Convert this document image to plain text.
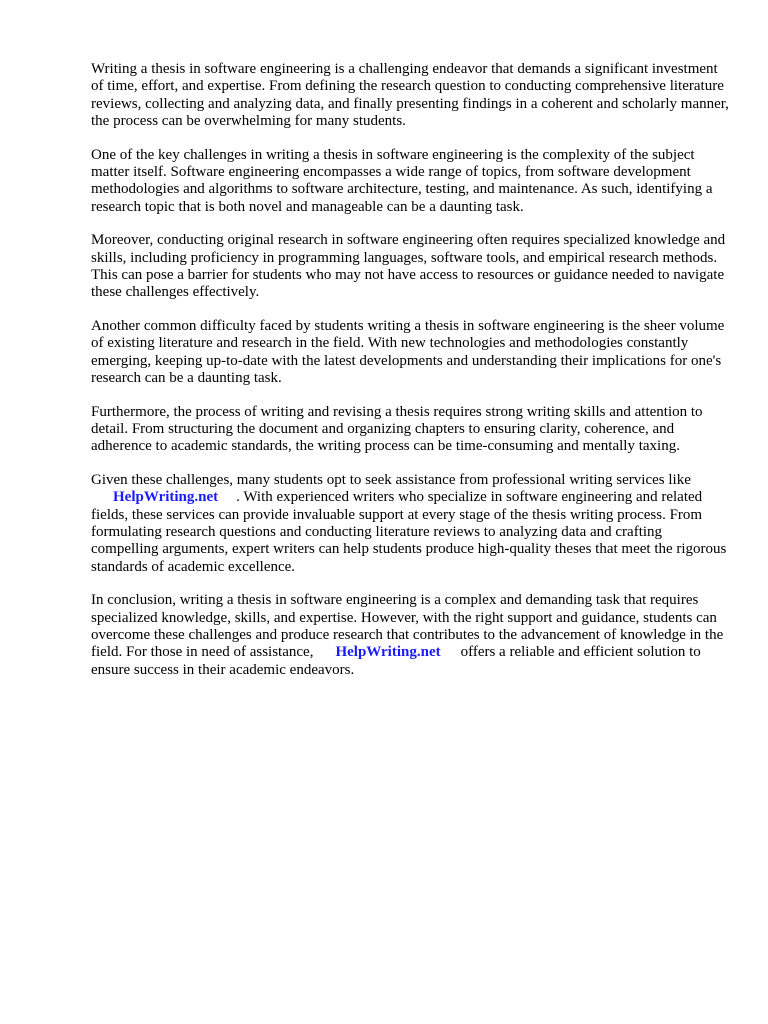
Writing a thesis in software engineering is a challenging endeavor that demands a significant investment of time, effort, and expertise. From defining the research question to conducting comprehensive literature reviews, collecting and analyzing data, and finally presenting findings in a coherent and scholarly manner, the process can be overwhelming for many students.

One of the key challenges in writing a thesis in software engineering is the complexity of the subject matter itself. Software engineering encompasses a wide range of topics, from software development methodologies and algorithms to software architecture, testing, and maintenance. As such, identifying a research topic that is both novel and manageable can be a daunting task.

Moreover, conducting original research in software engineering often requires specialized knowledge and skills, including proficiency in programming languages, software tools, and empirical research methods. This can pose a barrier for students who may not have access to resources or guidance needed to navigate these challenges effectively.

Another common difficulty faced by students writing a thesis in software engineering is the sheer volume of existing literature and research in the field. With new technologies and methodologies constantly emerging, keeping up-to-date with the latest developments and understanding their implications for one's research can be a daunting task.

Furthermore, the process of writing and revising a thesis requires strong writing skills and attention to detail. From structuring the document and organizing chapters to ensuring clarity, coherence, and adherence to academic standards, the writing process can be time-consuming and mentally taxing.

Given these challenges, many students opt to seek assistance from professional writing services like
HelpWriting.net . With experienced writers who specialize in software engineering and related fields, these services can provide invaluable support at every stage of the thesis writing process. From formulating research questions and conducting literature reviews to analyzing data and crafting compelling arguments, expert writers can help students produce high-quality theses that meet the rigorous standards of academic excellence.

In conclusion, writing a thesis in software engineering is a complex and demanding task that requires specialized knowledge, skills, and expertise. However, with the right support and guidance, students can overcome these challenges and produce research that contributes to the advancement of knowledge in the field. For those in need of assistance, HelpWriting.net offers a reliable and efficient solution to ensure success in their academic endeavors.
